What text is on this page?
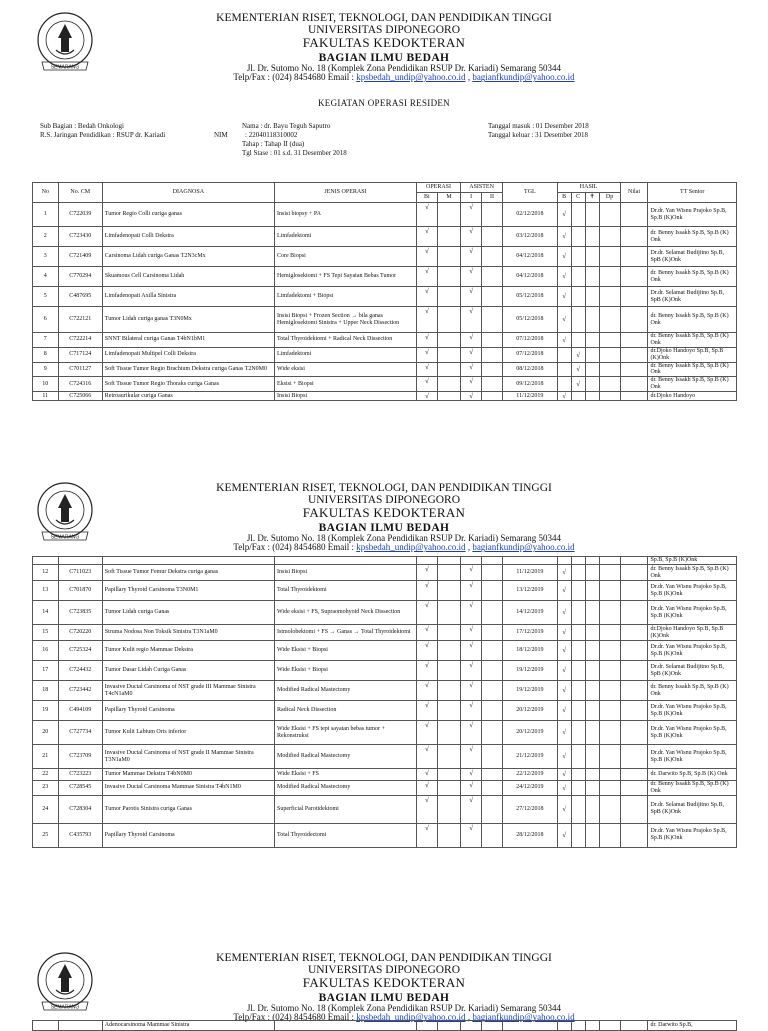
SEMARANG
KEMENTERIAN RISET, TEKNOLOGI, DAN PENDIDIKAN TINGGI
UNIVERSITAS DIPONEGORO
FAKULTAS KEDOKTERAN
BAGIAN ILMU BEDAH
Jl. Dr. Sutomo No. 18 (Komplek Zona Pendidikan RSUP Dr. Kariadi) Semarang 50344
Telp/Fax : (024) 8454680 Email : kpsbedah_undip@yahoo.co.id , bagianfkundip@yahoo.co.id
KEGIATAN OPERASI RESIDEN
Sub Bagian : Bedah Onkologi
R.S. Jaringan Pendidikan : RSUP dr. Kariadi	NIM
Nama : dr. Bayu Teguh Saputro
: 22040118310002
Tahap : Tahap II (dua)
Tgl Stase : 01 s.d. 31 Desember 2018
Tanggal masuk : 01 Desember 2018
Tanggal keluar : 31 Desember 2018
No	No. CM	DIAGNOSA	JENIS OPERASI	OPERASI		ASISTEN		TGL	HASIL				Nilai	TT Senior
				Bi	M	I	II		B	C	✝	Dp		
1	C722039	Tumor Regio Colli curiga ganas	Insisi biopsy + PA	√		√		02/12/2018	√					Dr.dr. Yan Wisnu Prajoko Sp.B, Sp.B (K)Onk
2	C723430	Limfadenopati Colli Dekstra	Limfadektomi	√		√		03/12/2018	√					dr. Benny Issakh Sp.B, Sp.B (K) Onk
3	C721409	Carsinoma Lidah curiga Ganas T2N3cMx	Core Biopsi	√		√		04/12/2018	√					Dr.dr. Selamat Budijitno Sp.B, SpB (K)Onk
4	C770294	Skuamous Cell Carsinoma Lidah	Hemiglosektomi + FS Tepi Sayatan Bebas Tumor	√		√		04/12/2018	√					dr. Benny Issakh Sp.B, Sp.B (K) Onk
5	C487695	Limfadenopati Axilla Sinistra	Limfadektomi + Biopsi	√		√		05/12/2018	√					Dr.dr. Selamat Budijitno Sp.B, SpB (K)Onk
6	C722121	Tumor Lidah curiga ganas T3N0Mx	Insisi Biopsi + Frozen Section → bila ganas Hemiglosektomi Sinistra + Upper Neck Dissection	√		√		05/12/2018	√					dr. Benny Issakh Sp.B, Sp.B (K) Onk
7	C722214	SNNT Bilateral curiga Ganas T4bN1bM1	Total Thyroidektomi + Radical Neck Dissection	√		√		07/12/2018	√					dr. Benny Issakh Sp.B, Sp.B (K) Onk
8	C717124	Limfadenopati Multipel Colli Dekstra	Limfadektomi	√		√		07/12/2018		√				dr.Djoko Handoyo Sp.B, Sp.B (K)Onk
9	C701127	Soft Tissue Tumor Regio Brachium Dekstra curiga Ganas T2N0M0	Wide eksisi	√		√		08/12/2018		√				dr. Benny Issakh Sp.B, Sp.B (K) Onk
10	C724316	Soft Tissue Tumor Regio Thoraks curiga Ganas	Eksisi + Biopsi	√		√		09/12/2018		√				dr. Benny Issakh Sp.B, Sp.B (K) Onk
11	C725066	Retroaurikular curiga Ganas	Insisi Biopsi	√		√		11/12/2019	√					dr.Djoko Handoyo
SEMARANG
KEMENTERIAN RISET, TEKNOLOGI, DAN PENDIDIKAN TINGGI
UNIVERSITAS DIPONEGORO
FAKULTAS KEDOKTERAN
BAGIAN ILMU BEDAH
Jl. Dr. Sutomo No. 18 (Komplek Zona Pendidikan RSUP Dr. Kariadi) Semarang 50344
Telp/Fax : (024) 8454680 Email : kpsbedah_undip@yahoo.co.id , bagianfkundip@yahoo.co.id
														Sp.B, Sp.B (K)Onk
12	C711023	Soft Tissue Tumor Femur Dekstra curiga ganas	Insisi Biopsi	√		√		11/12/2019	√					dr. Benny Issakh Sp.B, Sp.B (K) Onk
13	C701870	Papillary Thyroid Carsinoma T3N0M1	Total Thyroidektomi	√		√		13/12/2019	√					Dr.dr. Yan Wisnu Prajoko Sp.B, Sp.B (K)Onk
14	C723835	Tumor Lidah curiga Ganas	Wide eksisi + FS, Supraomohyoid Neck Dissection	√		√		14/12/2019	√					Dr.dr. Yan Wisnu Prajoko Sp.B, Sp.B (K)Onk
15	C720220	Struma Nodosa Non Toksik Sinistra T3N1aM0	Istmolobektomi + FS → Ganas → Total Thyroidektomi	√		√		17/12/2019	√					dr.Djoko Handoyo Sp.B, Sp.B (K)Onk
16	C725324	Tumor Kulit regio Mammae Dekstra	Wide Eksisi + Biopsi	√		√		18/12/2019	√					Dr.dr. Yan Wisnu Prajoko Sp.B, Sp.B (K)Onk
17	C724432	Tumor Dasar Lidah Curiga Ganas	Wide Eksisi + Biopsi	√		√		19/12/2019	√					Dr.dr. Selamat Budijitno Sp.B, SpB (K)Onk
18	C723442	Invasive Ductal Carsinoma of NST grade III Mammae Sinistra T4cN1aM0	Modified Radical Mastectomy	√		√		19/12/2019	√					dr. Benny Issakh Sp.B, Sp.B (K) Onk
19	C494109	Papillary Thyroid Carsinoma	Radical Neck Dissection	√		√		20/12/2019	√					Dr.dr. Yan Wisnu Prajoko Sp.B, Sp.B (K)Onk
20	C727734	Tumor Kulit Labium Oris inferior	Wide Eksisi + FS tepi sayatan bebas tumor + Rekonstruksi	√		√		20/12/2019	√					Dr.dr. Yan Wisnu Prajoko Sp.B, Sp.B (K)Onk
21	C723709	Invasive Ductal Carsinoma of NST grade II Mammae Sinistra T3N1aM0	Modified Radical Mastectomy	√		√		21/12/2019	√					Dr.dr. Yan Wisnu Prajoko Sp.B, Sp.B (K)Onk
22	C723223	Tumor Mammae Dekstra T4bN0M0	Wide Eksisi + FS	√		√		22/12/2019	√					dr. Darwito Sp.B, Sp.B (K) Onk
23	C728545	Invasive Ductal Carsinoma Mammae Sinistra T4bN1M0	Modified Radical Mastectomy	√		√		24/12/2019	√					dr. Benny Issakh Sp.B, Sp.B (K) Onk
24	C728304	Tumor Parotis Sinistra curiga Ganas	Superficial Parotidektomi	√		√		27/12/2018	√					Dr.dr. Selamat Budijitno Sp.B, SpB (K)Onk
25	C435793	Papillary Thyroid Carsinoma	Total Thyroidectomi	√		√		28/12/2018	√					Dr.dr. Yan Wisnu Prajoko Sp.B, Sp.B (K)Onk
SEMARANG
KEMENTERIAN RISET, TEKNOLOGI, DAN PENDIDIKAN TINGGI
UNIVERSITAS DIPONEGORO
FAKULTAS KEDOKTERAN
BAGIAN ILMU BEDAH
Jl. Dr. Sutomo No. 18 (Komplek Zona Pendidikan RSUP Dr. Kariadi) Semarang 50344
Telp/Fax : (024) 8454680 Email : kpsbedah_undip@yahoo.co.id , bagianfkundip@yahoo.co.id
		Adenocarsinoma Mammae Sinistra												dr. Darwito Sp.B,
